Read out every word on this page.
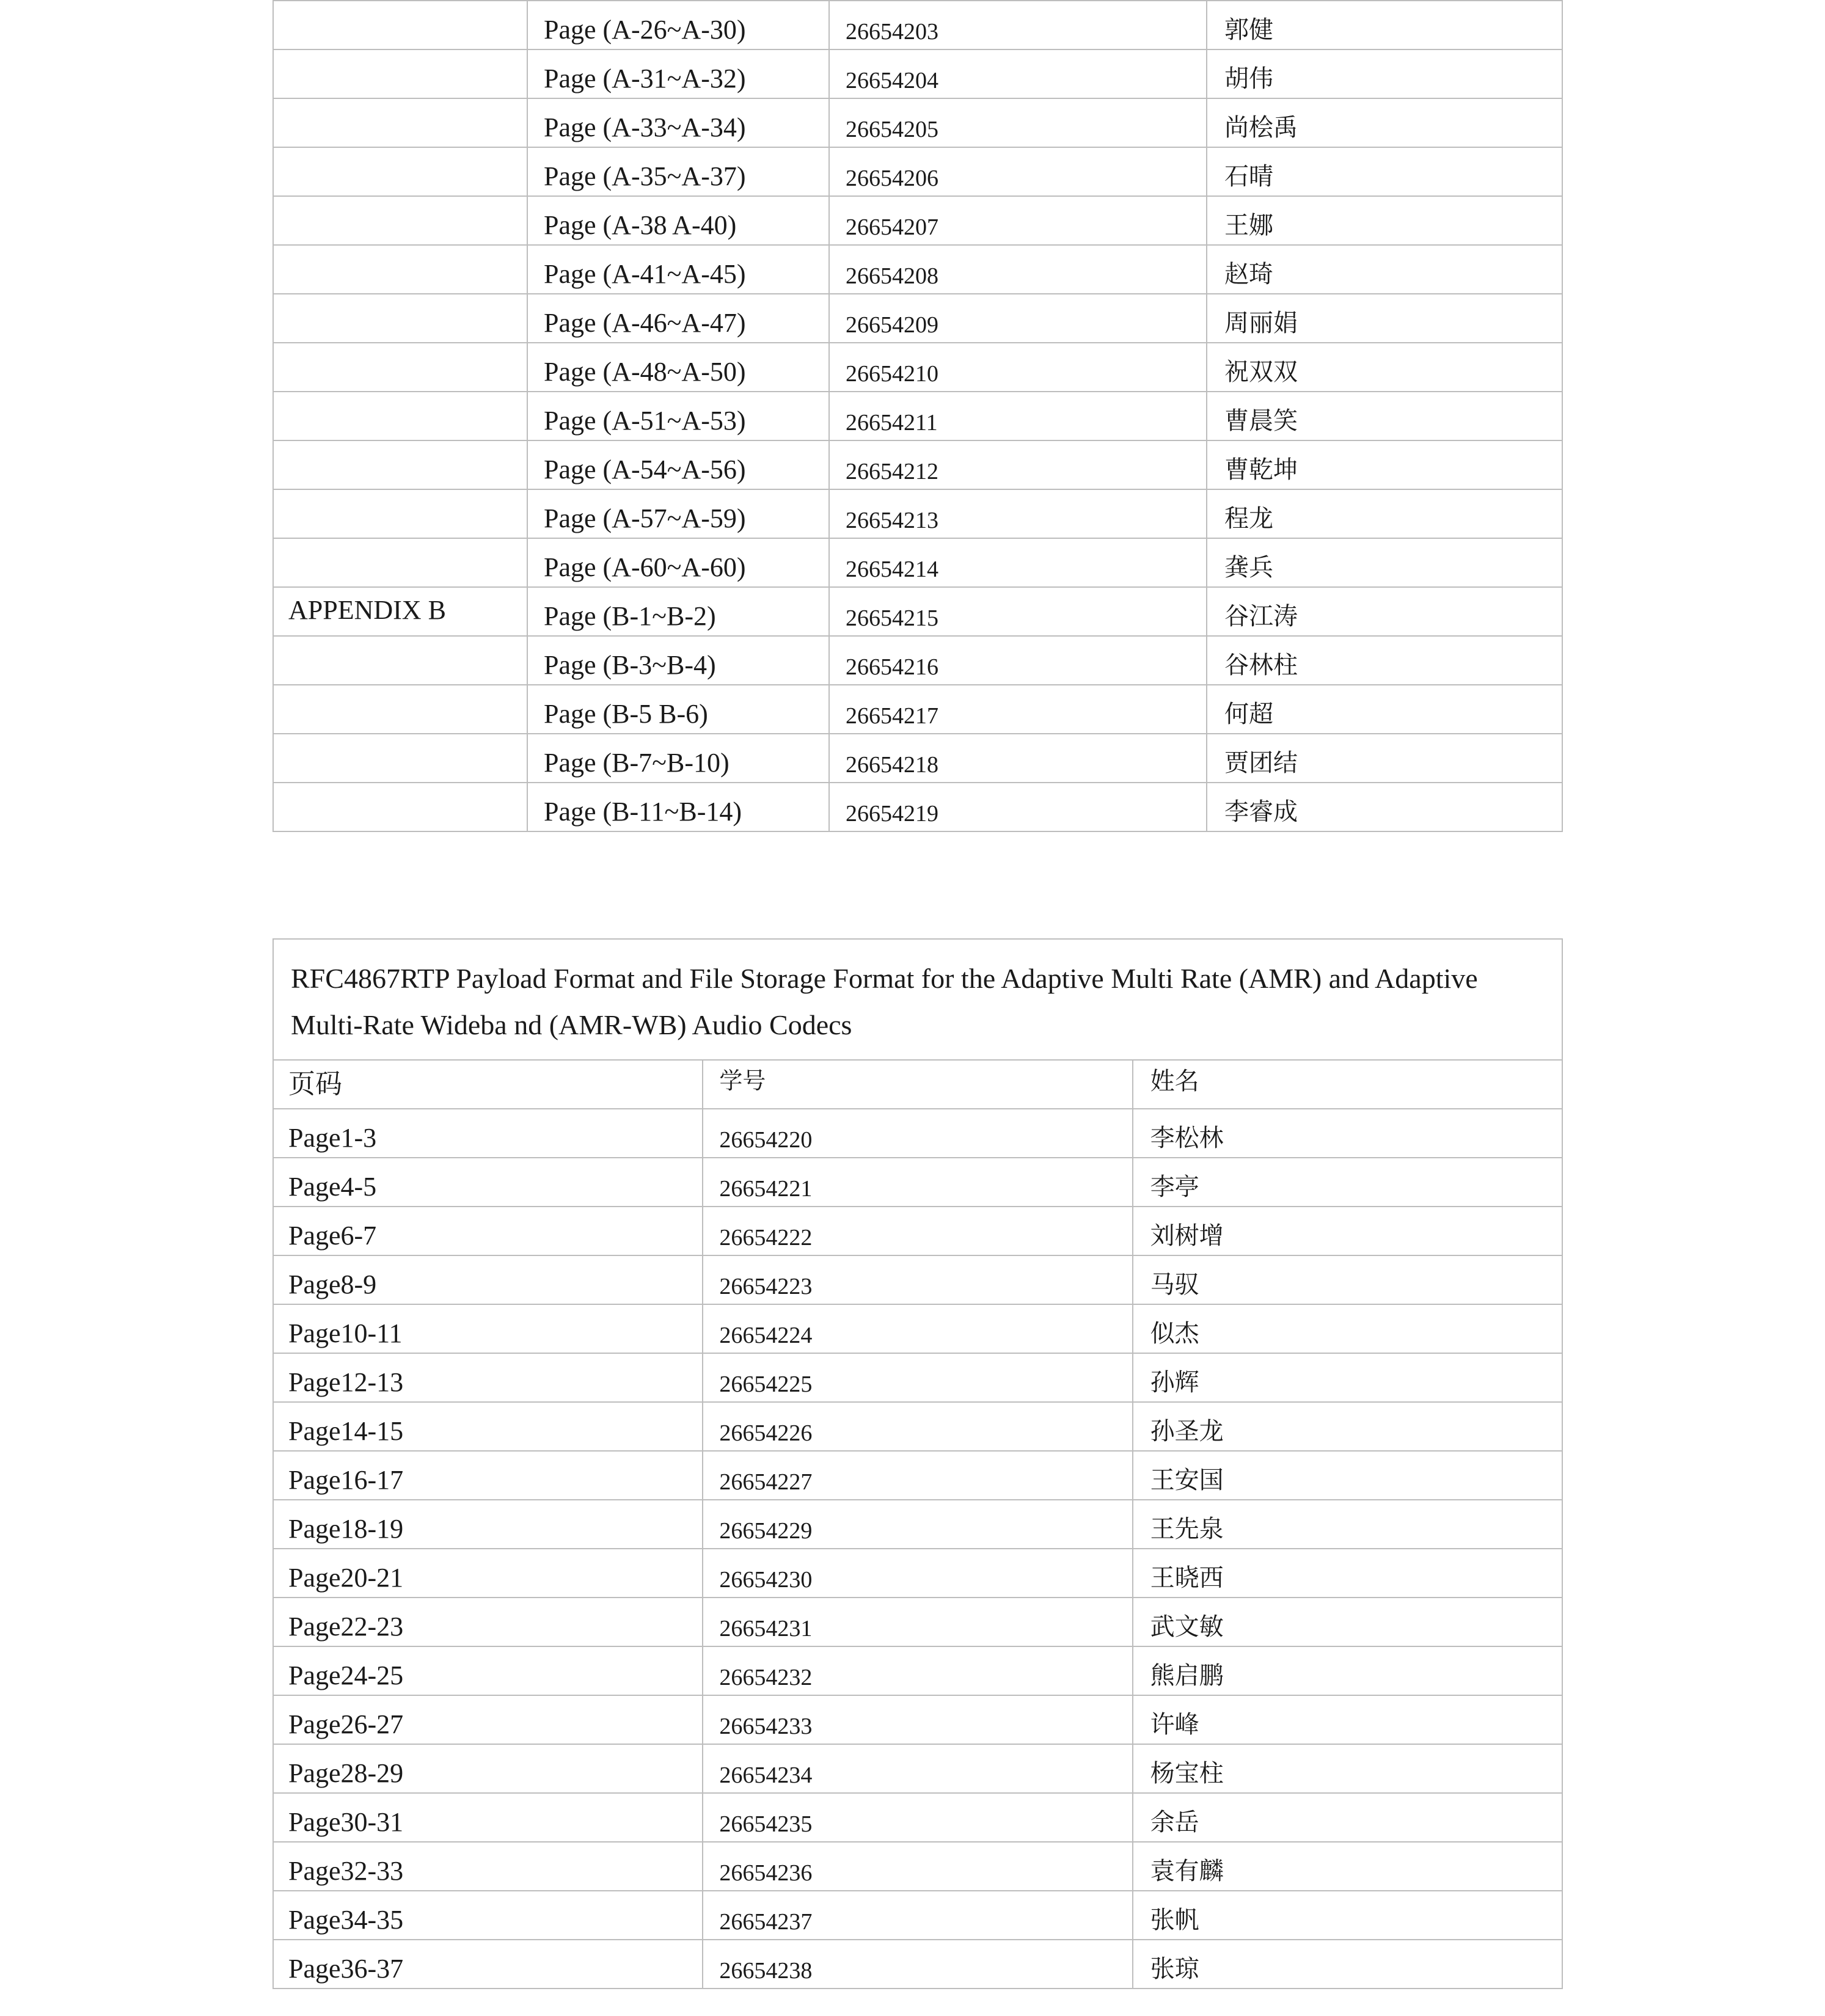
	Page (A-26~A-30)	26654203	郭健

	Page (A-31~A-32)	26654204	胡伟

	Page (A-33~A-34)	26654205	尚桧禹

	Page (A-35~A-37)	26654206	石晴

	Page (A-38 A-40)	26654207	王娜

	Page (A-41~A-45)	26654208	赵琦

	Page (A-46~A-47)	26654209	周丽娟

	Page (A-48~A-50)	26654210	祝双双

	Page (A-51~A-53)	26654211	曹晨笑

	Page (A-54~A-56)	26654212	曹乾坤

	Page (A-57~A-59)	26654213	程龙

	Page (A-60~A-60)	26654214	龚兵

APPENDIX B	Page (B-1~B-2)	26654215	谷江涛

	Page (B-3~B-4)	26654216	谷林柱

	Page (B-5 B-6)	26654217	何超

	Page (B-7~B-10)	26654218	贾团结

	Page (B-11~B-14)	26654219	李睿成
RFC4867RTP Payload Format and File Storage Format for the Adaptive Multi Rate (AMR) and Adaptive Multi-Rate Wideba nd (AMR-WB) Audio Codecs		

页码	学号	姓名

Page1-3	26654220	李松林

Page4-5	26654221	李亭

Page6-7	26654222	刘树增

Page8-9	26654223	马驭

Page10-11	26654224	似杰

Page12-13	26654225	孙辉

Page14-15	26654226	孙圣龙

Page16-17	26654227	王安国

Page18-19	26654229	王先泉

Page20-21	26654230	王晓西

Page22-23	26654231	武文敏

Page24-25	26654232	熊启鹏

Page26-27	26654233	许峰

Page28-29	26654234	杨宝柱

Page30-31	26654235	余岳

Page32-33	26654236	袁有麟

Page34-35	26654237	张帆

Page36-37	26654238	张琼
